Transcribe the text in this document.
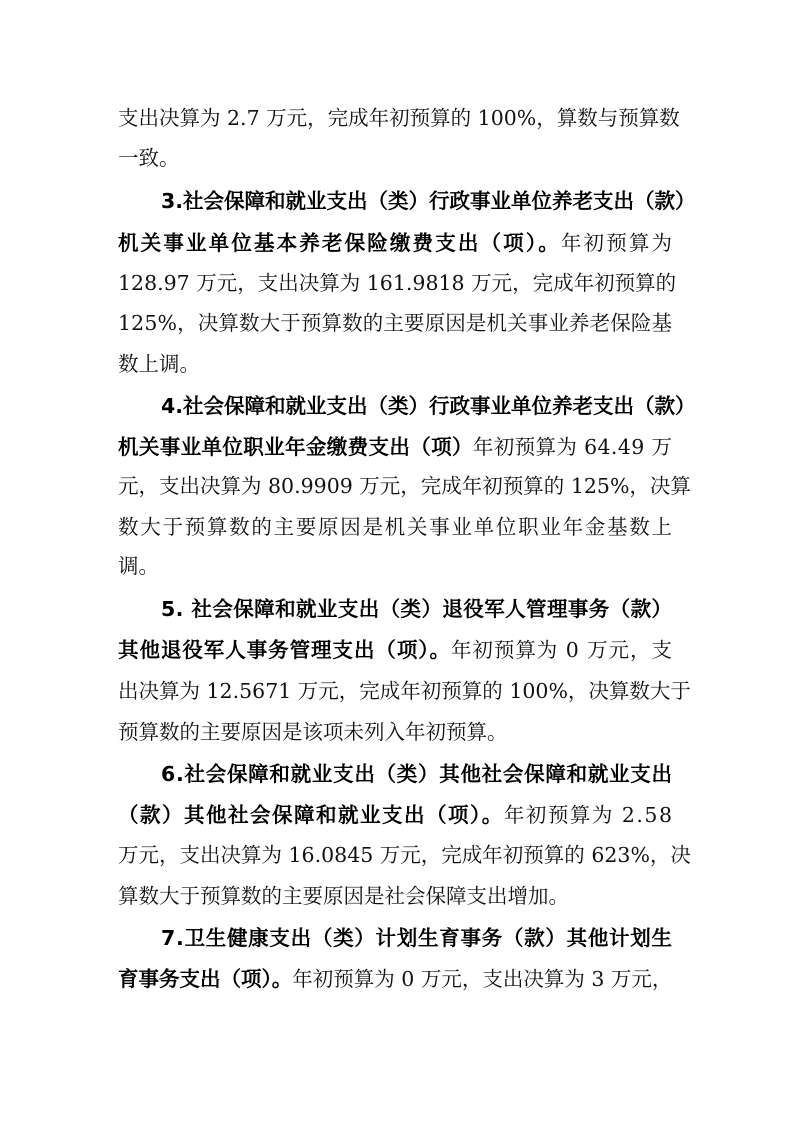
支出决算为 2.7 万元，完成年初预算的 100%，算数与预算数
一致。
3.社会保障和就业支出（类）行政事业单位养老支出（款）
机关事业单位基本养老保险缴费支出（项）。年初预算为
128.97 万元，支出决算为 161.9818 万元，完成年初预算的
125%，决算数大于预算数的主要原因是机关事业养老保险基
数上调。
4.社会保障和就业支出（类）行政事业单位养老支出（款）
机关事业单位职业年金缴费支出（项）年初预算为 64.49 万
元，支出决算为 80.9909 万元，完成年初预算的 125%，决算
数大于预算数的主要原因是机关事业单位职业年金基数上
调。
5. 社会保障和就业支出（类）退役军人管理事务（款）
其他退役军人事务管理支出（项）。年初预算为 0 万元，支
出决算为 12.5671 万元，完成年初预算的 100%，决算数大于
预算数的主要原因是该项未列入年初预算。
6.社会保障和就业支出（类）其他社会保障和就业支出
（款）其他社会保障和就业支出（项）。年初预算为 2.58
万元，支出决算为 16.0845 万元，完成年初预算的 623%，决
算数大于预算数的主要原因是社会保障支出增加。
7.卫生健康支出（类）计划生育事务（款）其他计划生
育事务支出（项）。年初预算为 0 万元，支出决算为 3 万元，
